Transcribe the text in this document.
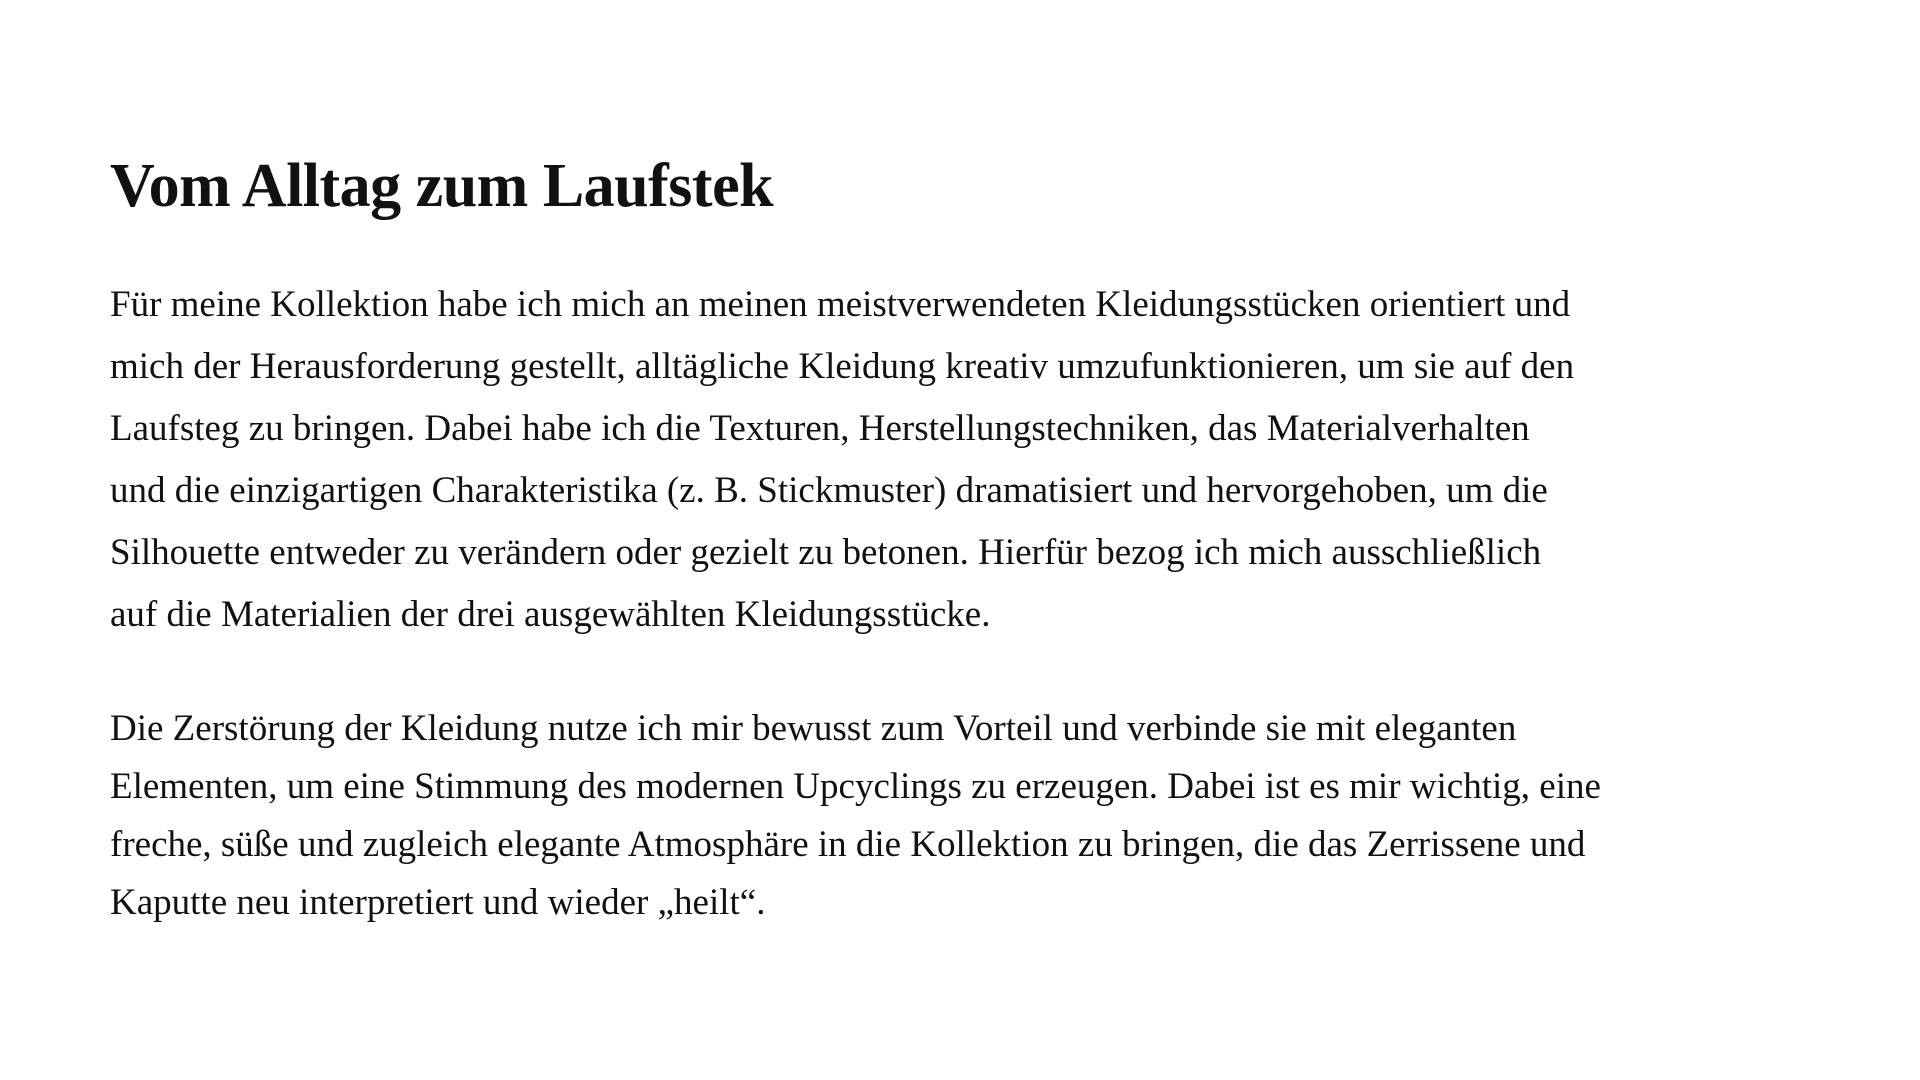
Vom Alltag zum Laufstek

Für meine Kollektion habe ich mich an meinen meistverwendeten Kleidungsstücken orientiert und
mich der Herausforderung gestellt, alltägliche Kleidung kreativ umzufunktionieren, um sie auf den
Laufsteg zu bringen. Dabei habe ich die Texturen, Herstellungstechniken, das Materialverhalten
und die einzigartigen Charakteristika (z. B. Stickmuster) dramatisiert und hervorgehoben, um die
Silhouette entweder zu verändern oder gezielt zu betonen. Hierfür bezog ich mich ausschließlich
auf die Materialien der drei ausgewählten Kleidungsstücke.

Die Zerstörung der Kleidung nutze ich mir bewusst zum Vorteil und verbinde sie mit eleganten
Elementen, um eine Stimmung des modernen Upcyclings zu erzeugen. Dabei ist es mir wichtig, eine
freche, süße und zugleich elegante Atmosphäre in die Kollektion zu bringen, die das Zerrissene und
Kaputte neu interpretiert und wieder „heilt“.
